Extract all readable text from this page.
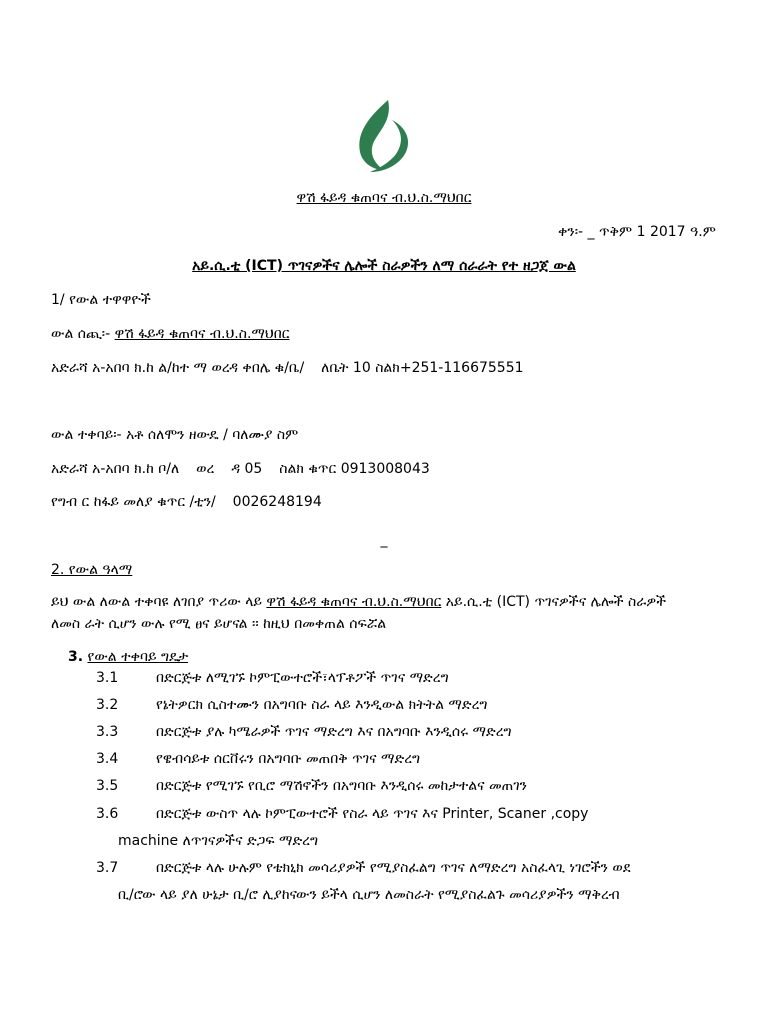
ዋሽ ፋይዳ ቁጠባና ብ.ህ.ስ.ማህበር
ቀን፡- _ ጥቅም 1 2017 ዓ.ም
አይ.ሲ.ቲ (ICT) ጥገናዎችና ሌሎች ስራዎችን ለማ ሰራራት የተ ዘጋጀ ውል
1/ የውል ተዋዋዮች
ውል ሰጪ፡- ዋሽ ፋይዳ ቁጠባና ብ.ህ.ስ.ማህበር
አድራሻ አ-አበባ ክ.ከ ል/ከተ ማ ወረዳ ቀበሌ ቁ/ቤ/ ለቤት 10 ስልክ+251-116675551
ውል ተቀባይ፡- አቶ ሰለሞን ዘውዴ / ባለሙያ ስም
አድራሻ አ-አበባ ክ.ከ ቦ/ለ ወረ ዳ 05 ስልክ ቁጥር 0913008043
የግብ ር ከፋይ መለያ ቁጥር /ቲን/ 0026248194
_
2. የውል ዓላማ
ይህ ውል ለውል ተቀባዩ ለገበያ ጥሪው ላይ ዋሽ ፋይዳ ቁጠባና ብ.ህ.ስ.ማህበር አይ.ሲ.ቲ (ICT) ጥገናዎችና ሌሎች ስራዎች
ለመስ ራት ሲሆን ውሉ የሚ ፀና ይሆናል ፡፡ ከዚህ በመቀጠል ሰፍሯል
3. የውል ተቀባይ ግዴታ
3.1	በድርጅቱ ለሚገኙ ኮምፒውተሮች፣ላፕቶፖች ጥገና ማድረግ
3.2	የኔትዎርክ ሲስተሙን በአግባቡ ስራ ላይ እንዲውል ክትትል ማድረግ
3.3	በድርጅቱ ያሉ ካሜራዎች ጥገና ማድረግ እና በአግባቡ እንዲሰሩ ማድረግ
3.4	የዌብሳይቱ ሰርቨሩን በአግባቡ መጠበቅ ጥገና ማድረግ
3.5	በድርጅቱ የሚገኙ የቢሮ ማሽኖችን በአግባቡ እንዲሰሩ መከታተልና መጠገን
3.6	በድርጅቱ ውስጥ ላሉ ኮምፒውተሮች የስራ ላይ ጥገና እና Printer, Scaner ,copy
machine ለጥገናዎችና ድጋፍ ማድረግ
3.7	በድርጅቱ ላሉ ሁሉም የቴክኒክ መሳሪያዎች የሚያስፈልግ ጥገና ለማድረግ አስፈላጊ ነገሮችን ወደ
ቢ/ሮው ላይ ያለ ሁኔታ ቢ/ሮ ሊያከናውን ይችላ ሲሆን ለመስራት የሚያስፈልጉ መሳሪያዎችን ማቅረብ
